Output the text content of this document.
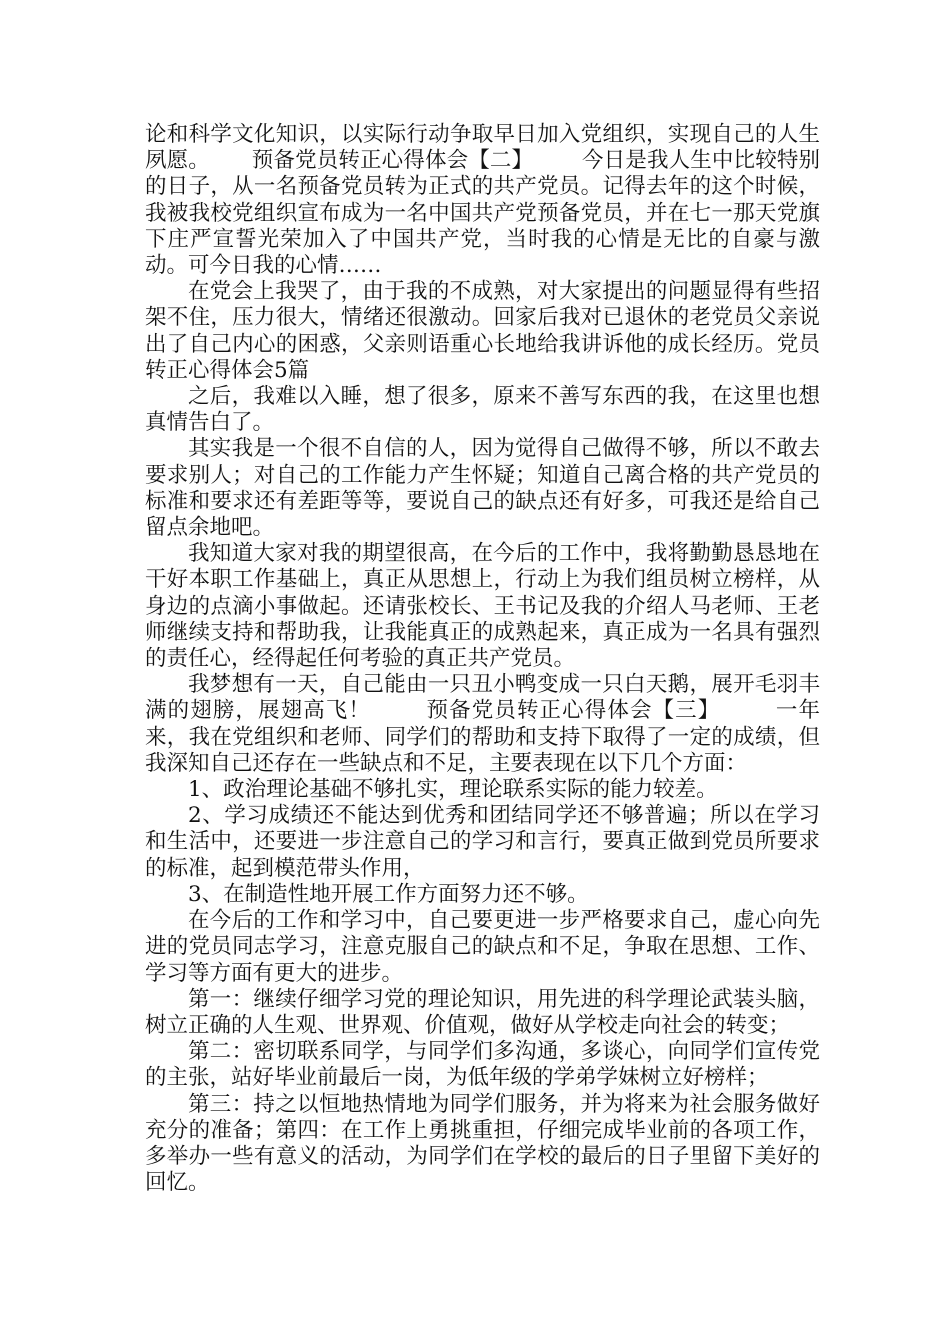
论和科学文化知识，以实际行动争取早日加入党组织，实现自己的人生夙愿。      预备党员转正心得体会【二】       今日是我人生中比较特别的日子，从一名预备党员转为正式的共产党员。记得去年的这个时候，我被我校党组织宣布成为一名中国共产党预备党员，并在七一那天党旗下庄严宣誓光荣加入了中国共产党，当时我的心情是无比的自豪与激动。可今日我的心情……

在党会上我哭了，由于我的不成熟，对大家提出的问题显得有些招架不住，压力很大，情绪还很激动。回家后我对已退休的老党员父亲说出了自己内心的困惑，父亲则语重心长地给我讲诉他的成长经历。党员转正心得体会5篇

之后，我难以入睡，想了很多，原来不善写东西的我，在这里也想真情告白了。

其实我是一个很不自信的人，因为觉得自己做得不够，所以不敢去要求别人；对自己的工作能力产生怀疑；知道自己离合格的共产党员的标准和要求还有差距等等，要说自己的缺点还有好多，可我还是给自己留点余地吧。

我知道大家对我的期望很高，在今后的工作中，我将勤勤恳恳地在干好本职工作基础上，真正从思想上，行动上为我们组员树立榜样，从身边的点滴小事做起。还请张校长、王书记及我的介绍人马老师、王老师继续支持和帮助我，让我能真正的成熟起来，真正成为一名具有强烈的责任心，经得起任何考验的真正共产党员。

我梦想有一天，自己能由一只丑小鸭变成一只白天鹅，展开毛羽丰满的翅膀，展翅高飞！       预备党员转正心得体会【三】       一年来，我在党组织和老师、同学们的帮助和支持下取得了一定的成绩，但我深知自己还存在一些缺点和不足，主要表现在以下几个方面：

1、政治理论基础不够扎实，理论联系实际的能力较差。

2、学习成绩还不能达到优秀和团结同学还不够普遍；所以在学习和生活中，还要进一步注意自己的学习和言行，要真正做到党员所要求的标准，起到模范带头作用，

3、在制造性地开展工作方面努力还不够。

在今后的工作和学习中，自己要更进一步严格要求自己，虚心向先进的党员同志学习，注意克服自己的缺点和不足，争取在思想、工作、学习等方面有更大的进步。

第一：继续仔细学习党的理论知识，用先进的科学理论武装头脑，树立正确的人生观、世界观、价值观，做好从学校走向社会的转变；

第二：密切联系同学，与同学们多沟通，多谈心，向同学们宣传党的主张，站好毕业前最后一岗，为低年级的学弟学妹树立好榜样；

第三：持之以恒地热情地为同学们服务，并为将来为社会服务做好充分的准备；第四：在工作上勇挑重担，仔细完成毕业前的各项工作，多举办一些有意义的活动，为同学们在学校的最后的日子里留下美好的回忆。
